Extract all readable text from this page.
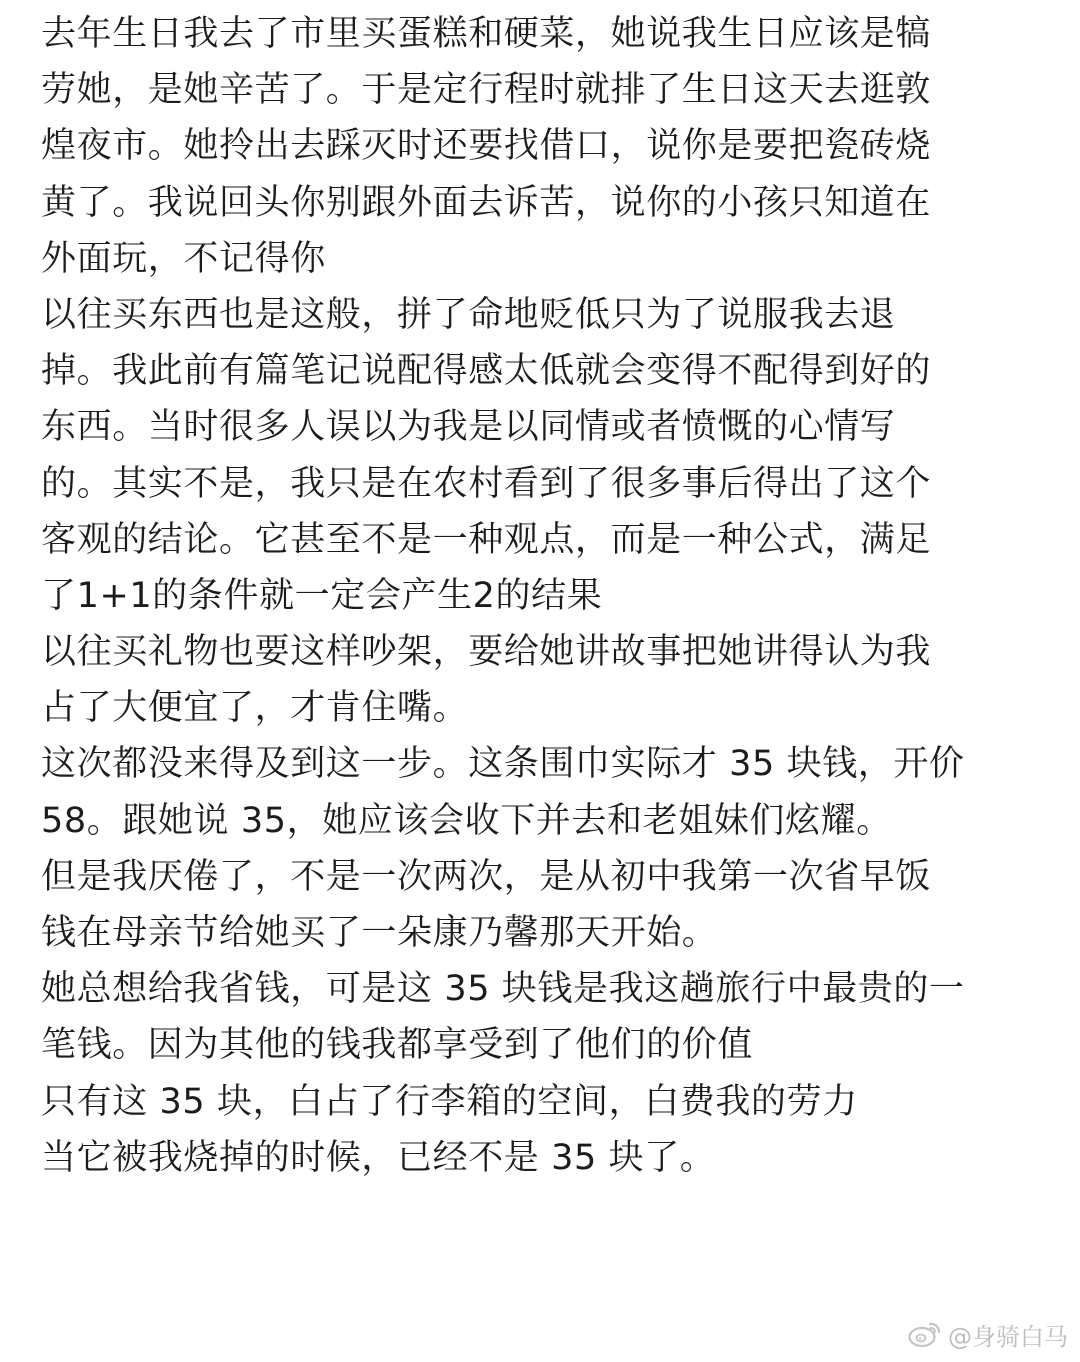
去年生日我去了市里买蛋糕和硬菜，她说我生日应该是犒
劳她，是她辛苦了。于是定行程时就排了生日这天去逛敦
煌夜市。她拎出去踩灭时还要找借口，说你是要把瓷砖烧
黄了。我说回头你别跟外面去诉苦，说你的小孩只知道在
外面玩，不记得你
以往买东西也是这般，拼了命地贬低只为了说服我去退
掉。我此前有篇笔记说配得感太低就会变得不配得到好的
东西。当时很多人误以为我是以同情或者愤慨的心情写
的。其实不是，我只是在农村看到了很多事后得出了这个
客观的结论。它甚至不是一种观点，而是一种公式，满足
了1+1的条件就一定会产生2的结果
以往买礼物也要这样吵架，要给她讲故事把她讲得认为我
占了大便宜了，才肯住嘴。
这次都没来得及到这一步。这条围巾实际才 35 块钱，开价
58。跟她说 35，她应该会收下并去和老姐妹们炫耀。
但是我厌倦了，不是一次两次，是从初中我第一次省早饭
钱在母亲节给她买了一朵康乃馨那天开始。
她总想给我省钱，可是这 35 块钱是我这趟旅行中最贵的一
笔钱。因为其他的钱我都享受到了他们的价值
只有这 35 块，白占了行李箱的空间，白费我的劳力
当它被我烧掉的时候，已经不是 35 块了。
@身骑白马
